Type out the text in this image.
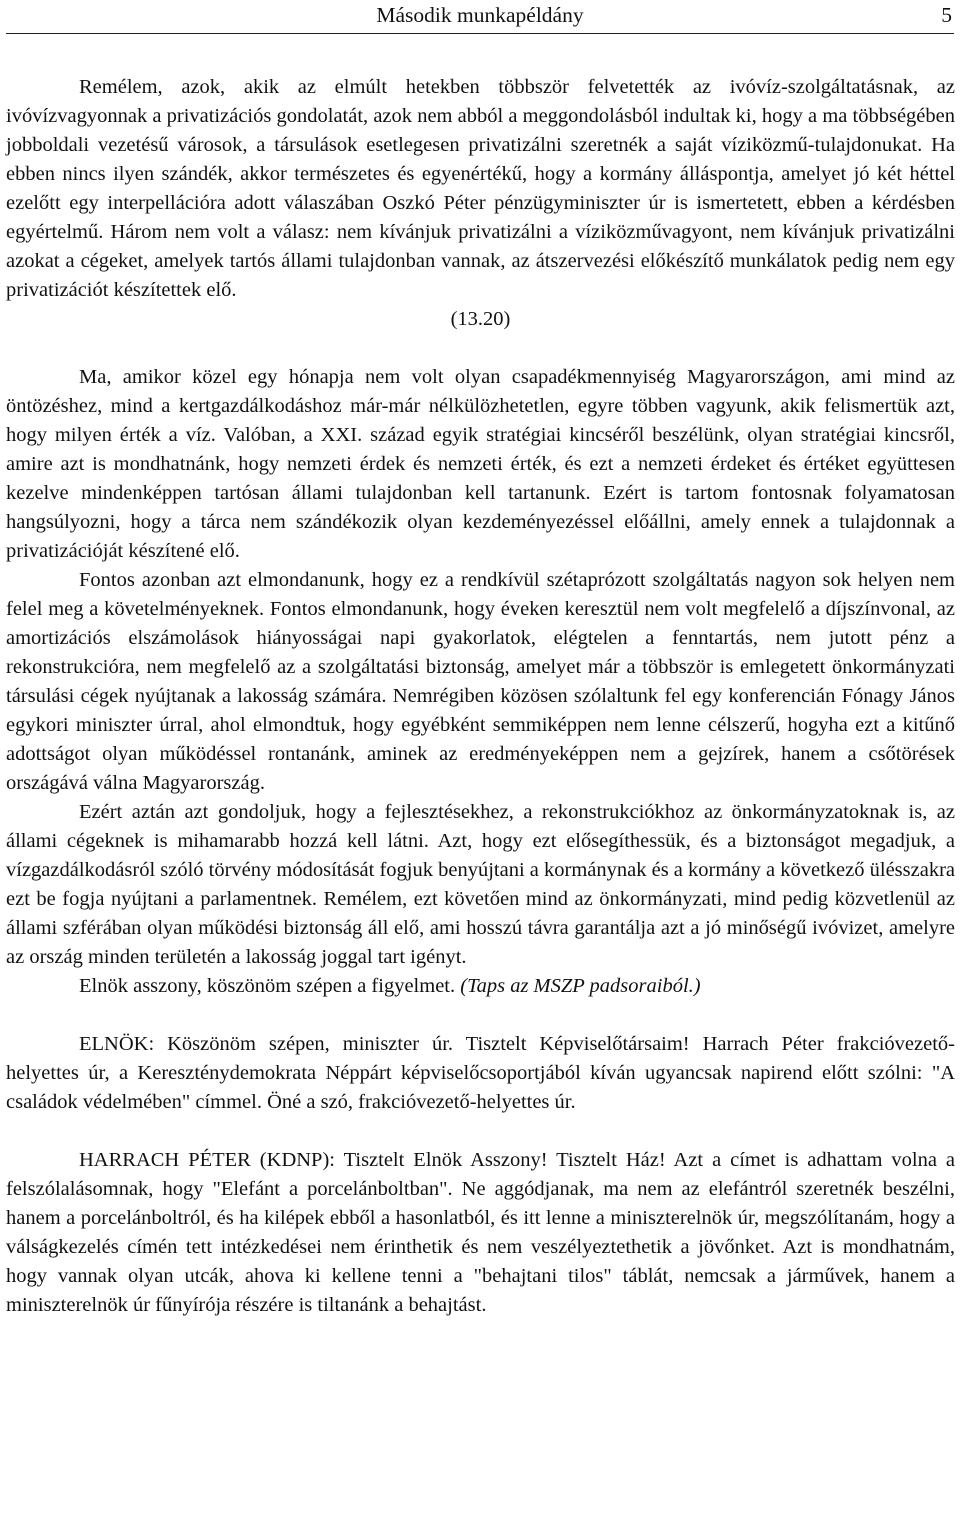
Második munkapéldány	5

Remélem, azok, akik az elmúlt hetekben többször felvetették az ivóvíz-szolgáltatásnak, az ivóvízvagyonnak a privatizációs gondolatát, azok nem abból a meggondolásból indultak ki, hogy a ma többségében jobboldali vezetésű városok, a társulások esetlegesen privatizálni szeretnék a saját víziközmű-tulajdonukat. Ha ebben nincs ilyen szándék, akkor természetes és egyenértékű, hogy a kormány álláspontja, amelyet jó két héttel ezelőtt egy interpellációra adott válaszában Oszkó Péter pénzügyminiszter úr is ismertetett, ebben a kérdésben egyértelmű. Három nem volt a válasz: nem kívánjuk privatizálni a víziközművagyont, nem kívánjuk privatizálni azokat a cégeket, amelyek tartós állami tulajdonban vannak, az átszervezési előkészítő munkálatok pedig nem egy privatizációt készítettek elő.

(13.20)

Ma, amikor közel egy hónapja nem volt olyan csapadékmennyiség Magyarországon, ami mind az öntözéshez, mind a kertgazdálkodáshoz már-már nélkülözhetetlen, egyre többen vagyunk, akik felismertük azt, hogy milyen érték a víz. Valóban, a XXI. század egyik stratégiai kincséről beszélünk, olyan stratégiai kincsről, amire azt is mondhatnánk, hogy nemzeti érdek és nemzeti érték, és ezt a nemzeti érdeket és értéket együttesen kezelve mindenképpen tartósan állami tulajdonban kell tartanunk. Ezért is tartom fontosnak folyamatosan hangsúlyozni, hogy a tárca nem szándékozik olyan kezdeményezéssel előállni, amely ennek a tulajdonnak a privatizációját készítené elő.

Fontos azonban azt elmondanunk, hogy ez a rendkívül szétaprózott szolgáltatás nagyon sok helyen nem felel meg a követelményeknek. Fontos elmondanunk, hogy éveken keresztül nem volt megfelelő a díjszínvonal, az amortizációs elszámolások hiányosságai napi gyakorlatok, elégtelen a fenntartás, nem jutott pénz a rekonstrukcióra, nem megfelelő az a szolgáltatási biztonság, amelyet már a többször is emlegetett önkormányzati társulási cégek nyújtanak a lakosság számára. Nemrégiben közösen szólaltunk fel egy konferencián Fónagy János egykori miniszter úrral, ahol elmondtuk, hogy egyébként semmiképpen nem lenne célszerű, hogyha ezt a kitűnő adottságot olyan működéssel rontanánk, aminek az eredményeképpen nem a gejzírek, hanem a csőtörések országává válna Magyarország.

Ezért aztán azt gondoljuk, hogy a fejlesztésekhez, a rekonstrukciókhoz az önkormányzatoknak is, az állami cégeknek is mihamarabb hozzá kell látni. Azt, hogy ezt elősegíthessük, és a biztonságot megadjuk, a vízgazdálkodásról szóló törvény módosítását fogjuk benyújtani a kormánynak és a kormány a következő ülésszakra ezt be fogja nyújtani a parlamentnek. Remélem, ezt követően mind az önkormányzati, mind pedig közvetlenül az állami szférában olyan működési biztonság áll elő, ami hosszú távra garantálja azt a jó minőségű ivóvizet, amelyre az ország minden területén a lakosság joggal tart igényt.

Elnök asszony, köszönöm szépen a figyelmet. (Taps az MSZP padsoraiból.)

ELNÖK: Köszönöm szépen, miniszter úr. Tisztelt Képviselőtársaim! Harrach Péter frakcióvezető-helyettes úr, a Kereszténydemokrata Néppárt képviselőcsoportjából kíván ugyancsak napirend előtt szólni: "A családok védelmében" címmel. Öné a szó, frakcióvezető-helyettes úr.

HARRACH PÉTER (KDNP): Tisztelt Elnök Asszony! Tisztelt Ház! Azt a címet is adhattam volna a felszólalásomnak, hogy "Elefánt a porcelánboltban". Ne aggódjanak, ma nem az elefántról szeretnék beszélni, hanem a porcelánboltról, és ha kilépek ebből a hasonlatból, és itt lenne a miniszterelnök úr, megszólítanám, hogy a válságkezelés címén tett intézkedései nem érinthetik és nem veszélyeztethetik a jövőnket. Azt is mondhatnám, hogy vannak olyan utcák, ahova ki kellene tenni a "behajtani tilos" táblát, nemcsak a járművek, hanem a miniszterelnök úr fűnyírója részére is tiltanánk a behajtást.
